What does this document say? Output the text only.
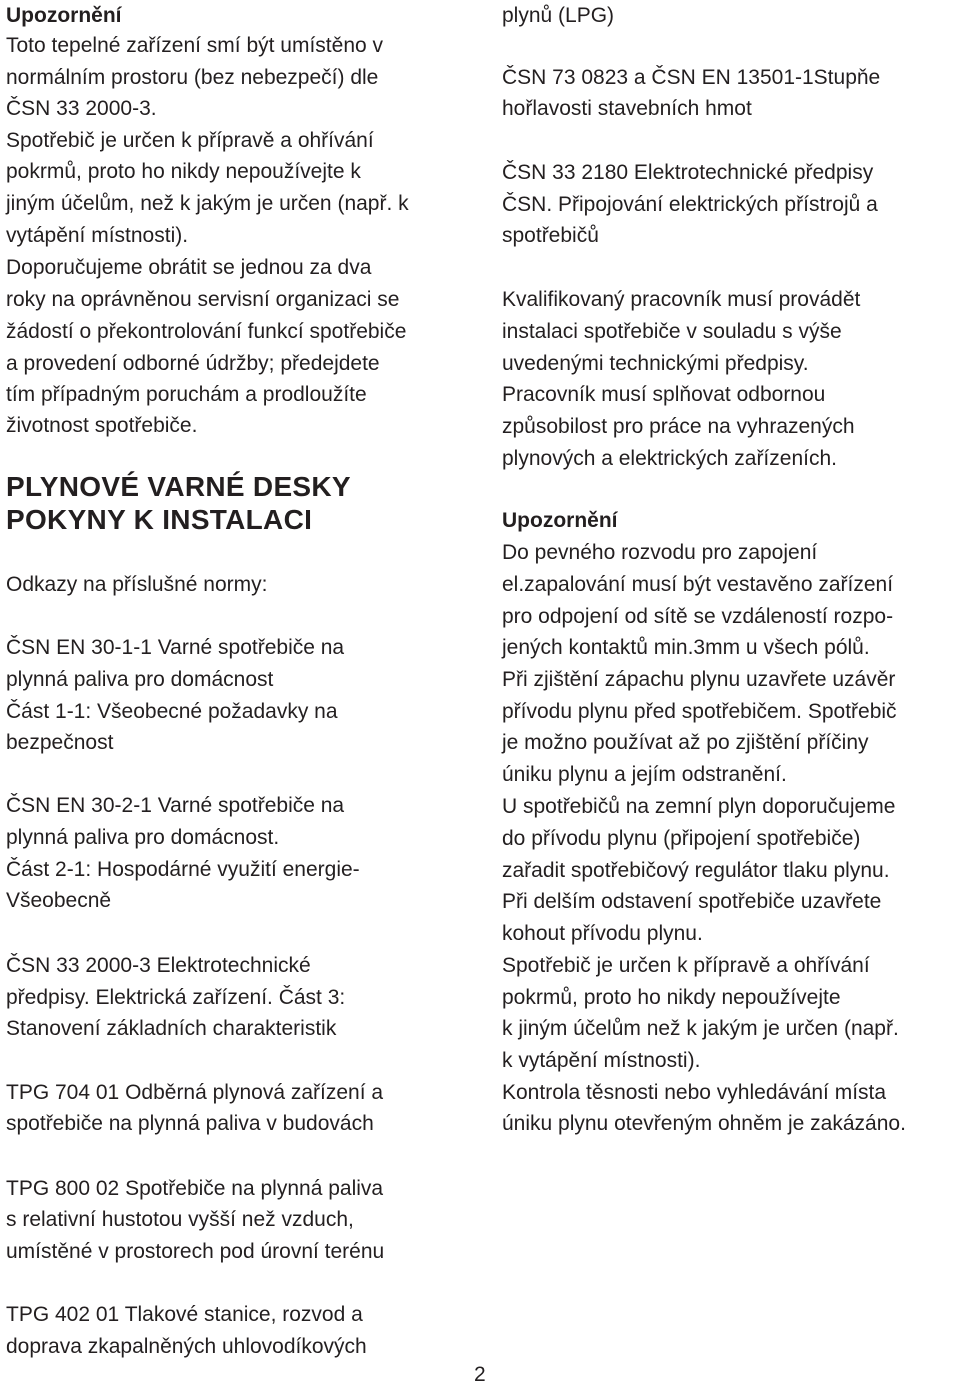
Upozornění
Toto tepelné zařízení smí být umístěno v
normálním prostoru (bez nebezpečí) dle
ČSN 33 2000-3.
Spotřebič je určen k přípravě a ohřívání
pokrmů, proto ho nikdy nepoužívejte k
jiným účelům, než k jakým je určen (např. k
vytápění místnosti).
Doporučujeme obrátit se jednou za dva
roky na oprávněnou servisní organizaci se
žádostí o překontrolování funkcí spotřebiče
a provedení odborné údržby; předejdete
tím případným poruchám a prodloužíte
životnost spotřebiče.
PLYNOVÉ VARNÉ DESKY
POKYNY K INSTALACI
Odkazy na příslušné normy:
ČSN EN 30-1-1 Varné spotřebiče na
plynná paliva pro domácnost
Část 1-1: Všeobecné požadavky na
bezpečnost
ČSN EN 30-2-1 Varné spotřebiče na
plynná paliva pro domácnost.
Část 2-1: Hospodárné využití energie-
Všeobecně
ČSN 33 2000-3 Elektrotechnické
předpisy. Elektrická zařízení. Část 3:
Stanovení základních charakteristik
TPG 704 01 Odběrná plynová zařízení a
spotřebiče na plynná paliva v budovách
TPG 800 02 Spotřebiče na plynná paliva
s relativní hustotou vyšší než vzduch,
umístěné v prostorech pod úrovní terénu
TPG 402 01 Tlakové stanice, rozvod a
doprava zkapalněných uhlovodíkových
plynů (LPG)
ČSN 73 0823 a ČSN EN 13501-1Stupňe
hořlavosti stavebních hmot
ČSN 33 2180 Elektrotechnické předpisy
ČSN. Připojování elektrických přístrojů a
spotřebičů
Kvalifikovaný pracovník musí provádět
instalaci spotřebiče v souladu s výše
uvedenými technickými předpisy.
Pracovník musí splňovat odbornou
způsobilost pro práce na vyhrazených
plynových a elektrických zařízeních.
Upozornění
Do pevného rozvodu pro zapojení
el.zapalování musí být vestavěno zařízení
pro odpojení od sítě se vzdáleností rozpo-
jených kontaktů min.3mm u všech pólů.
Při zjištění zápachu plynu uzavřete uzávěr
přívodu plynu před spotřebičem. Spotřebič
je možno používat až po zjištění příčiny
úniku plynu a jejím odstranění.
U spotřebičů na zemní plyn doporučujeme
do přívodu plynu (připojení spotřebiče)
zařadit spotřebičový regulátor tlaku plynu.
Při delším odstavení spotřebiče uzavřete
kohout přívodu plynu.
Spotřebič je určen k přípravě a ohřívání
pokrmů, proto ho nikdy nepoužívejte
k jiným účelům než k jakým je určen (např.
k vytápění místnosti).
Kontrola těsnosti nebo vyhledávání místa
úniku plynu otevřeným ohněm je zakázáno.
2
